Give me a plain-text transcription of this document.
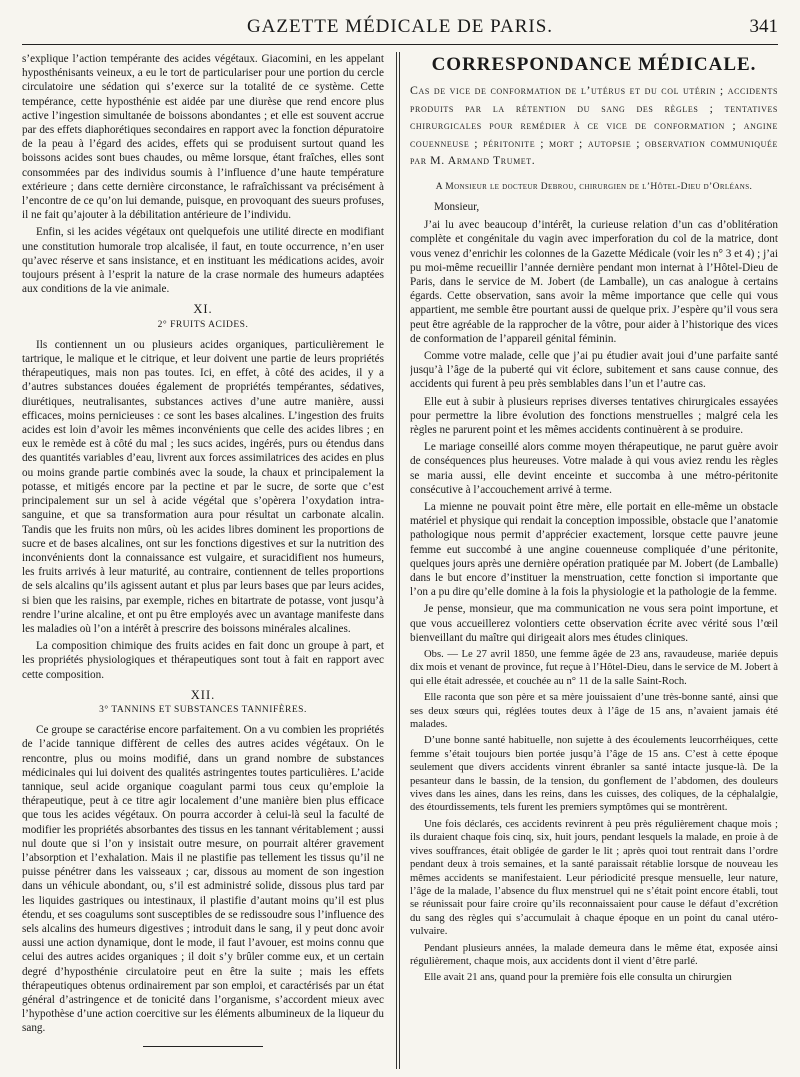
GAZETTE MÉDICALE DE PARIS.	341

s’explique l’action tempérante des acides végétaux. Giacomini, en les appelant hyposthénisants veineux, a eu le tort de particulariser pour une portion du cercle circulatoire une sédation qui s’exerce sur la totalité de ce système. Cette tempérance, cette hyposthénie est aidée par une diurèse que rend encore plus active l’ingestion simultanée de boissons abondantes ; et elle est souvent accrue par des effets diaphorétiques secondaires en rapport avec la fonction dépuratoire de la peau à l’égard des acides, effets qui se produisent surtout quand les boissons acides sont bues chaudes, ou même lorsque, étant fraîches, elles sont consommées par des individus soumis à l’influence d’une haute température extérieure ; dans cette dernière circonstance, le rafraîchissant va précisément à l’encontre de ce qu’on lui demande, puisque, en provoquant des sueurs profuses, il ne fait qu’ajouter à la débilitation antérieure de l’individu.

Enfin, si les acides végétaux ont quelquefois une utilité directe en modifiant une constitution humorale trop alcalisée, il faut, en toute occurrence, n’en user qu’avec réserve et sans insistance, et en instituant les médications acides, avoir toujours présent à l’esprit la nature de la crase normale des humeurs adaptées aux conditions de la vie animale.

XI.
2° FRUITS ACIDES.

Ils contiennent un ou plusieurs acides organiques, particulièrement le tartrique, le malique et le citrique, et leur doivent une partie de leurs propriétés thérapeutiques, mais non pas toutes. Ici, en effet, à côté des acides, il y a d’autres substances douées également de propriétés tempérantes, sédatives, diurétiques, neutralisantes, substances actives d’une autre manière, aussi efficaces, moins pernicieuses : ce sont les bases alcalines. L’ingestion des fruits acides est loin d’avoir les mêmes inconvénients que celle des acides libres ; en eux le remède est à côté du mal ; les sucs acides, ingérés, purs ou étendus dans des quantités variables d’eau, livrent aux forces assimilatrices des acides en plus ou moins grande partie combinés avec la soude, la chaux et principalement la potasse, et mitigés encore par la pectine et par le sucre, de sorte que c’est principalement sur un sel à acide végétal que s’opèrera l’oxydation intra-sanguine, et que sa transformation aura pour résultat un carbonate alcalin. Tandis que les fruits non mûrs, où les acides libres dominent les proportions de sucre et de bases alcalines, ont sur les fonctions digestives et sur la nutrition des inconvénients dont la connaissance est vulgaire, et suracidifient nos humeurs, les fruits arrivés à leur maturité, au contraire, contiennent de telles proportions de sels alcalins qu’ils agissent autant et plus par leurs bases que par leurs acides, si bien que les raisins, par exemple, riches en bitartrate de potasse, vont jusqu’à rendre l’urine alcaline, et ont pu être employés avec un avantage manifeste dans les maladies où l’on a intérêt à prescrire des boissons minérales alcalines.

La composition chimique des fruits acides en fait donc un groupe à part, et les propriétés physiologiques et thérapeutiques sont tout à fait en rapport avec cette composition.

XII.
3° TANNINS ET SUBSTANCES TANNIFÈRES.

Ce groupe se caractérise encore parfaitement. On a vu combien les propriétés de l’acide tannique diffèrent de celles des autres acides végétaux. On le rencontre, plus ou moins modifié, dans un grand nombre de substances médicinales qui lui doivent des qualités astringentes toutes particulières. L’acide tannique, seul acide organique coagulant parmi tous ceux qu’emploie la thérapeutique, peut à ce titre agir localement d’une manière bien plus efficace que tous les acides végétaux. On pourra accorder à celui-là seul la faculté de modifier les propriétés absorbantes des tissus en les tannant véritablement ; aussi nul doute que si l’on y insistait outre mesure, on pourrait altérer gravement l’absorption et l’exhalation. Mais il ne plastifie pas tellement les tissus qu’il ne puisse pénétrer dans les vaisseaux ; car, dissous au moment de son ingestion dans un véhicule abondant, ou, s’il est administré solide, dissous plus tard par les liquides gastriques ou intestinaux, il plastifie d’autant moins qu’il est plus étendu, et ses coagulums sont susceptibles de se redissoudre sous l’influence des sels alcalins des humeurs digestives ; introduit dans le sang, il y peut donc avoir aussi une action dynamique, dont le mode, il faut l’avouer, est moins connu que celui des autres acides organiques ; il doit s’y brûler comme eux, et un certain degré d’hyposthénie circulatoire peut en être la suite ; mais les effets thérapeutiques obtenus ordinairement par son emploi, et caractérisés par un état général d’astringence et de tonicité dans l’organisme, s’accordent mieux avec l’hypothèse d’une action coercitive sur les éléments albumineux de la liqueur du sang.

CORRESPONDANCE MÉDICALE.
Cas de vice de conformation de l’utérus et du col utérin ; accidents produits par la rétention du sang des règles ; tentatives chirurgicales pour remédier à ce vice de conformation ; angine couenneuse ; péritonite ; mort ; autopsie ; observation communiquée par M. Armand Trumet.
A Monsieur le docteur Debrou, chirurgien de l’Hôtel-Dieu d’Orléans.

Monsieur,

J’ai lu avec beaucoup d’intérêt, la curieuse relation d’un cas d’oblitération complète et congénitale du vagin avec imperforation du col de la matrice, dont vous venez d’enrichir les colonnes de la Gazette Médicale (voir les n° 3 et 4) ; j’ai pu moi-même recueillir l’année dernière pendant mon internat à l’Hôtel-Dieu de Paris, dans le service de M. Jobert (de Lamballe), un cas analogue à certains égards. Cette observation, sans avoir la même importance que celle qui vous appartient, me semble être pourtant aussi de quelque prix. J’espère qu’il vous sera peut être agréable de la rapprocher de la vôtre, pour aider à l’historique des vices de conformation de l’appareil génital féminin.

Comme votre malade, celle que j’ai pu étudier avait joui d’une parfaite santé jusqu’à l’âge de la puberté qui vit éclore, subitement et sans cause connue, des accidents qui furent à peu près semblables dans l’un et l’autre cas.

Elle eut à subir à plusieurs reprises diverses tentatives chirurgicales essayées pour permettre la libre évolution des fonctions menstruelles ; malgré cela les règles ne parurent point et les mêmes accidents continuèrent à se produire.

Le mariage conseillé alors comme moyen thérapeutique, ne parut guère avoir de conséquences plus heureuses. Votre malade à qui vous aviez rendu les règles se maria aussi, elle devint enceinte et succomba à une métro-péritonite consécutive à l’accouchement arrivé à terme.

La mienne ne pouvait point être mère, elle portait en elle-même un obstacle matériel et physique qui rendait la conception impossible, obstacle que l’anatomie pathologique nous permit d’apprécier exactement, lorsque cette pauvre jeune femme eut succombé à une angine couenneuse compliquée d’une péritonite, quelques jours après une dernière opération pratiquée par M. Jobert (de Lamballe) dans le but encore d’instituer la menstruation, cette fonction si importante que l’on a pu dire qu’elle domine à la fois la physiologie et la pathologie de la femme.

Je pense, monsieur, que ma communication ne vous sera point importune, et que vous accueillerez volontiers cette observation écrite avec vérité sous l’œil bienveillant du maître qui dirigeait alors mes études cliniques.

Obs. — Le 27 avril 1850, une femme âgée de 23 ans, ravaudeuse, mariée depuis dix mois et venant de province, fut reçue à l’Hôtel-Dieu, dans le service de M. Jobert à qui elle était adressée, et couchée au n° 11 de la salle Saint-Roch.

Elle raconta que son père et sa mère jouissaient d’une très-bonne santé, ainsi que ses deux sœurs qui, réglées toutes deux à l’âge de 15 ans, n’avaient jamais été malades.

D’une bonne santé habituelle, non sujette à des écoulements leucorrhéiques, cette femme s’était toujours bien portée jusqu’à l’âge de 15 ans. C’est à cette époque seulement que divers accidents vinrent ébranler sa santé intacte jusque-là. De la pesanteur dans le bassin, de la tension, du gonflement de l’abdomen, des douleurs vives dans les aines, dans les reins, dans les cuisses, des coliques, de la céphalalgie, des étourdissements, tels furent les premiers symptômes qui se montrèrent.

Une fois déclarés, ces accidents revinrent à peu près régulièrement chaque mois ; ils duraient chaque fois cinq, six, huit jours, pendant lesquels la malade, en proie à de vives souffrances, était obligée de garder le lit ; après quoi tout rentrait dans l’ordre pendant deux à trois semaines, et la santé paraissait rétablie lorsque de nouveau les mêmes accidents se manifestaient. Leur périodicité presque mensuelle, leur nature, l’âge de la malade, l’absence du flux menstruel qui ne s’était point encore établi, tout se réunissait pour faire croire qu’ils reconnaissaient pour cause le défaut d’excrétion du sang des règles qui s’accumulait à chaque époque en un point du canal utéro-vulvaire.

Pendant plusieurs années, la malade demeura dans le même état, exposée ainsi régulièrement, chaque mois, aux accidents dont il vient d’être parlé.

Elle avait 21 ans, quand pour la première fois elle consulta un chirurgien
